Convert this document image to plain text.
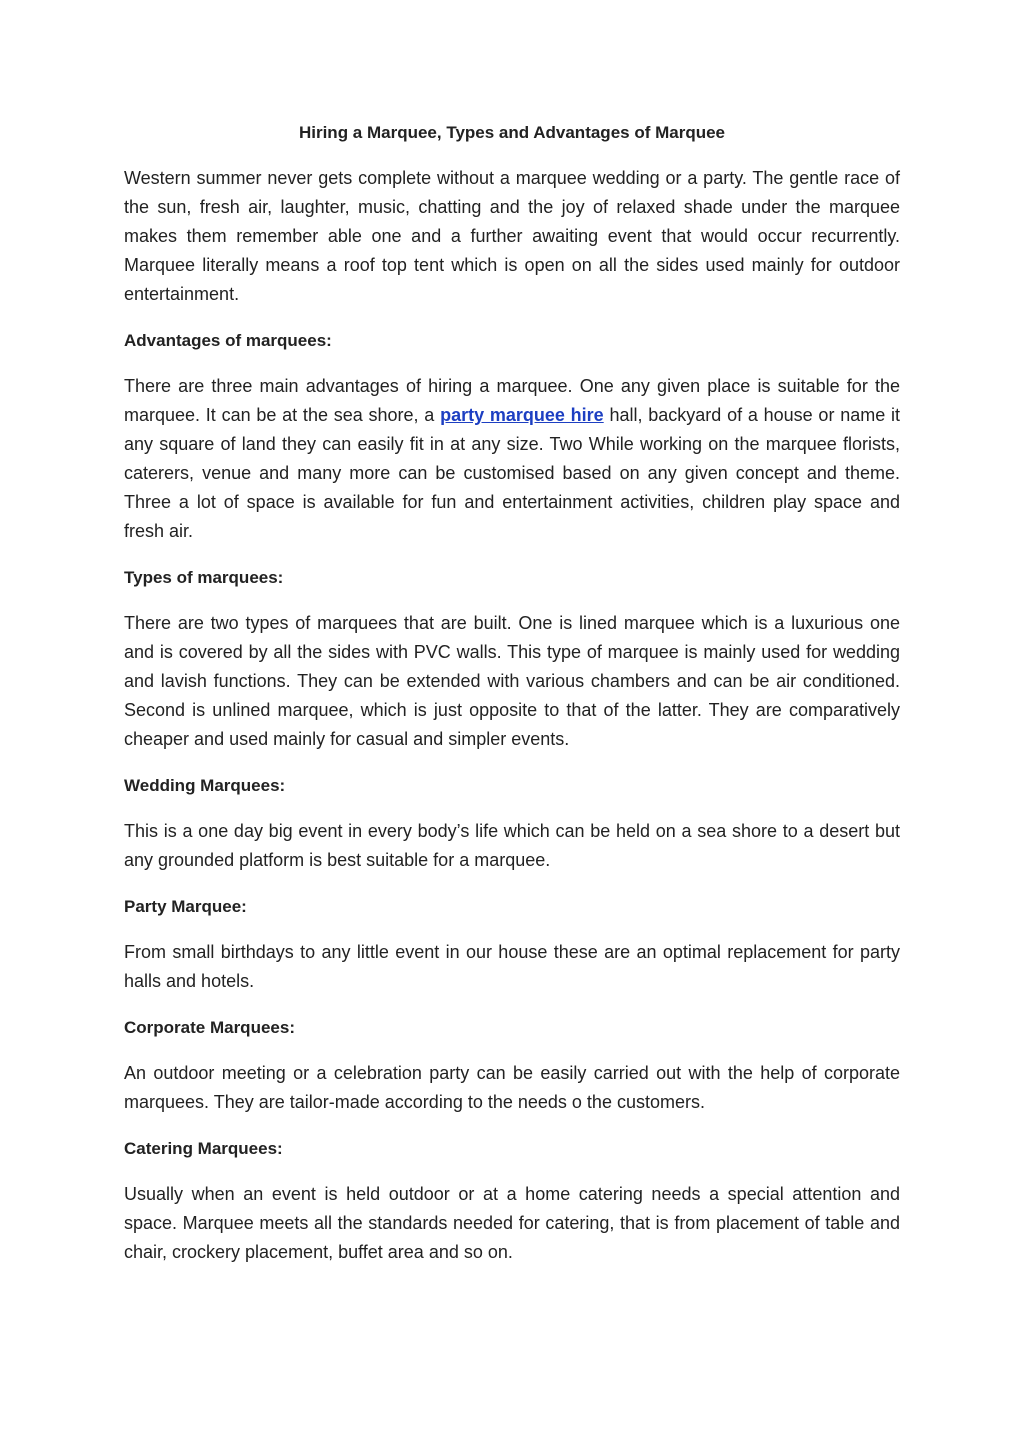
Hiring a Marquee, Types and Advantages of Marquee

Western summer never gets complete without a marquee wedding or a party. The gentle race of the sun, fresh air, laughter, music, chatting and the joy of relaxed shade under the marquee makes them remember able one and a further awaiting event that would occur recurrently. Marquee literally means a roof top tent which is open on all the sides used mainly for outdoor entertainment.

Advantages of marquees:

There are three main advantages of hiring a marquee. One any given place is suitable for the marquee. It can be at the sea shore, a party marquee hire hall, backyard of a house or name it any square of land they can easily fit in at any size. Two While working on the marquee florists, caterers, venue and many more can be customised based on any given concept and theme. Three a lot of space is available for fun and entertainment activities, children play space and fresh air.

Types of marquees:

There are two types of marquees that are built. One is lined marquee which is a luxurious one and is covered by all the sides with PVC walls. This type of marquee is mainly used for wedding and lavish functions. They can be extended with various chambers and can be air conditioned. Second is unlined marquee, which is just opposite to that of the latter. They are comparatively cheaper and used mainly for casual and simpler events.

Wedding Marquees:

This is a one day big event in every body’s life which can be held on a sea shore to a desert but any grounded platform is best suitable for a marquee.

Party Marquee:

From small birthdays to any little event in our house these are an optimal replacement for party halls and hotels.

Corporate Marquees:

An outdoor meeting or a celebration party can be easily carried out with the help of corporate marquees. They are tailor-made according to the needs o the customers.

Catering Marquees:

Usually when an event is held outdoor or at a home catering needs a special attention and space. Marquee meets all the standards needed for catering, that is from placement of table and chair, crockery placement, buffet area and so on.
